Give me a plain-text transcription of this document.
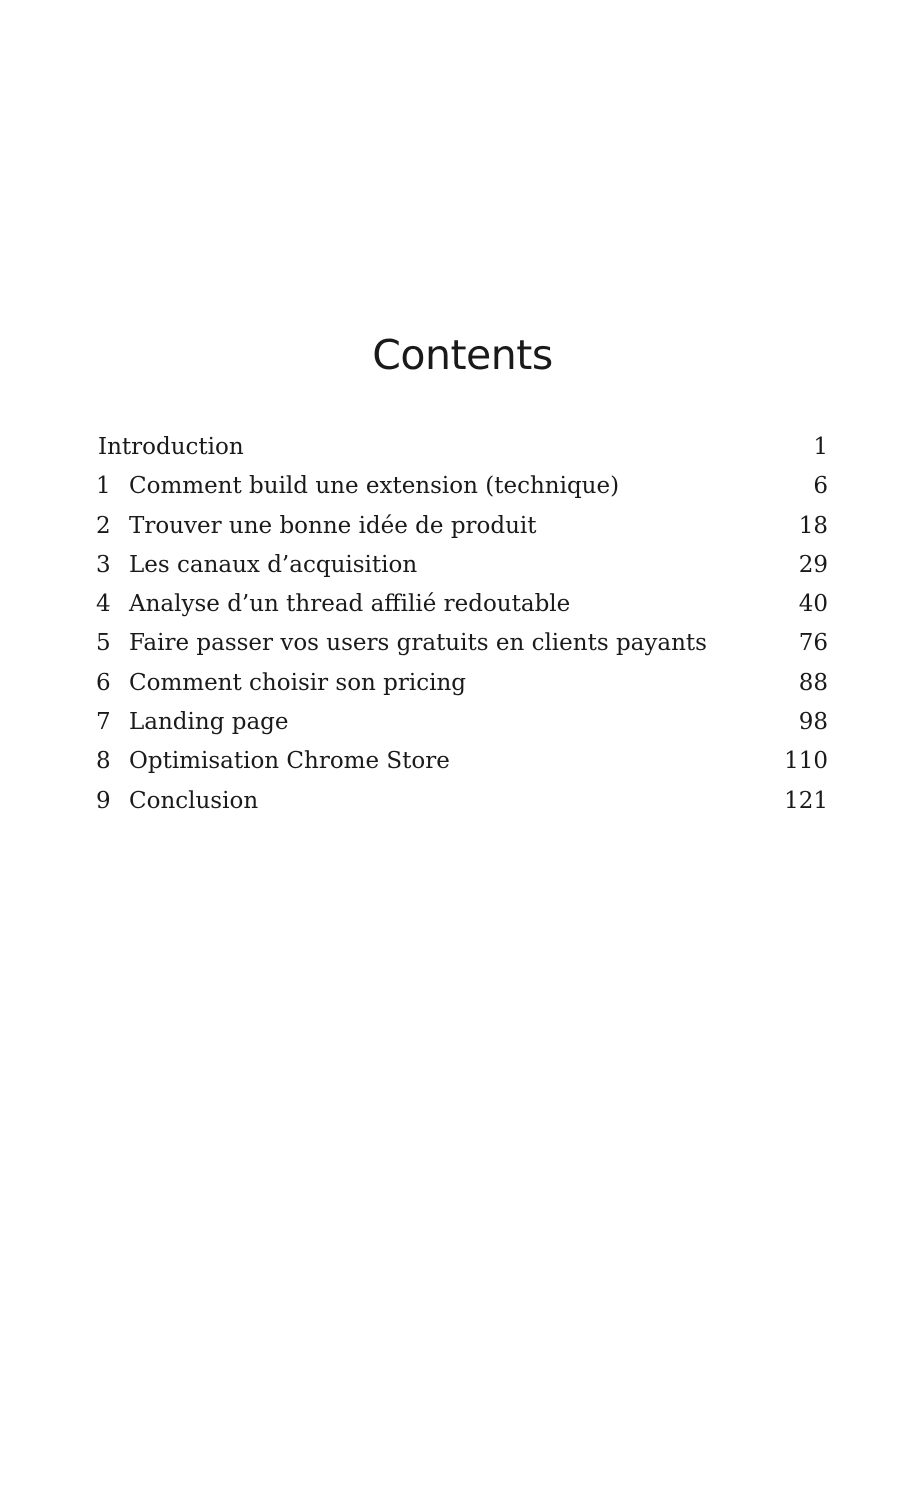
Contents
Introduction	1
1 Comment build une extension (technique)	6
2 Trouver une bonne idée de produit	18
3 Les canaux d’acquisition	29
4 Analyse d’un thread affilié redoutable	40
5 Faire passer vos users gratuits en clients payants	76
6 Comment choisir son pricing	88
7 Landing page	98
8 Optimisation Chrome Store	110
9 Conclusion	121
